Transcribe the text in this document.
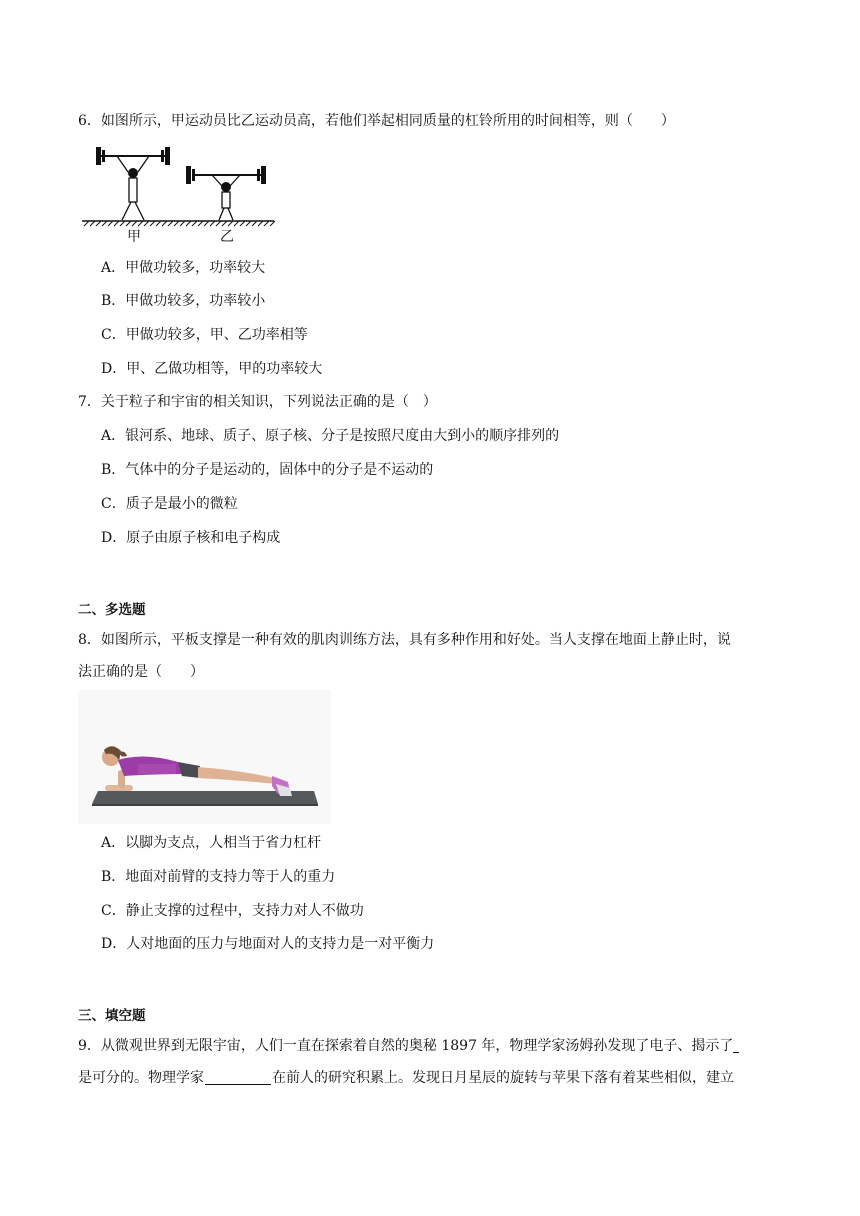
6．如图所示，甲运动员比乙运动员高，若他们举起相同质量的杠铃所用的时间相等，则（　　）
甲	乙
A．甲做功较多，功率较大
B．甲做功较多，功率较小
C．甲做功较多，甲、乙功率相等
D．甲、乙做功相等，甲的功率较大
7．关于粒子和宇宙的相关知识，下列说法正确的是（　）
A．银河系、地球、质子、原子核、分子是按照尺度由大到小的顺序排列的
B．气体中的分子是运动的，固体中的分子是不运动的
C．质子是最小的微粒
D．原子由原子核和电子构成
二、多选题
8．如图所示，平板支撑是一种有效的肌肉训练方法，具有多种作用和好处。当人支撑在地面上静止时，说
法正确的是（　　）
A．以脚为支点，人相当于省力杠杆
B．地面对前臂的支持力等于人的重力
C．静止支撑的过程中，支持力对人不做功
D．人对地面的压力与地面对人的支持力是一对平衡力
三、填空题
9．从微观世界到无限宇宙，人们一直在探索着自然的奥秘 1897 年，物理学家汤姆孙发现了电子、揭示了
是可分的。物理学家	在前人的研究积累上。发现日月星辰的旋转与苹果下落有着某些相似，建立
